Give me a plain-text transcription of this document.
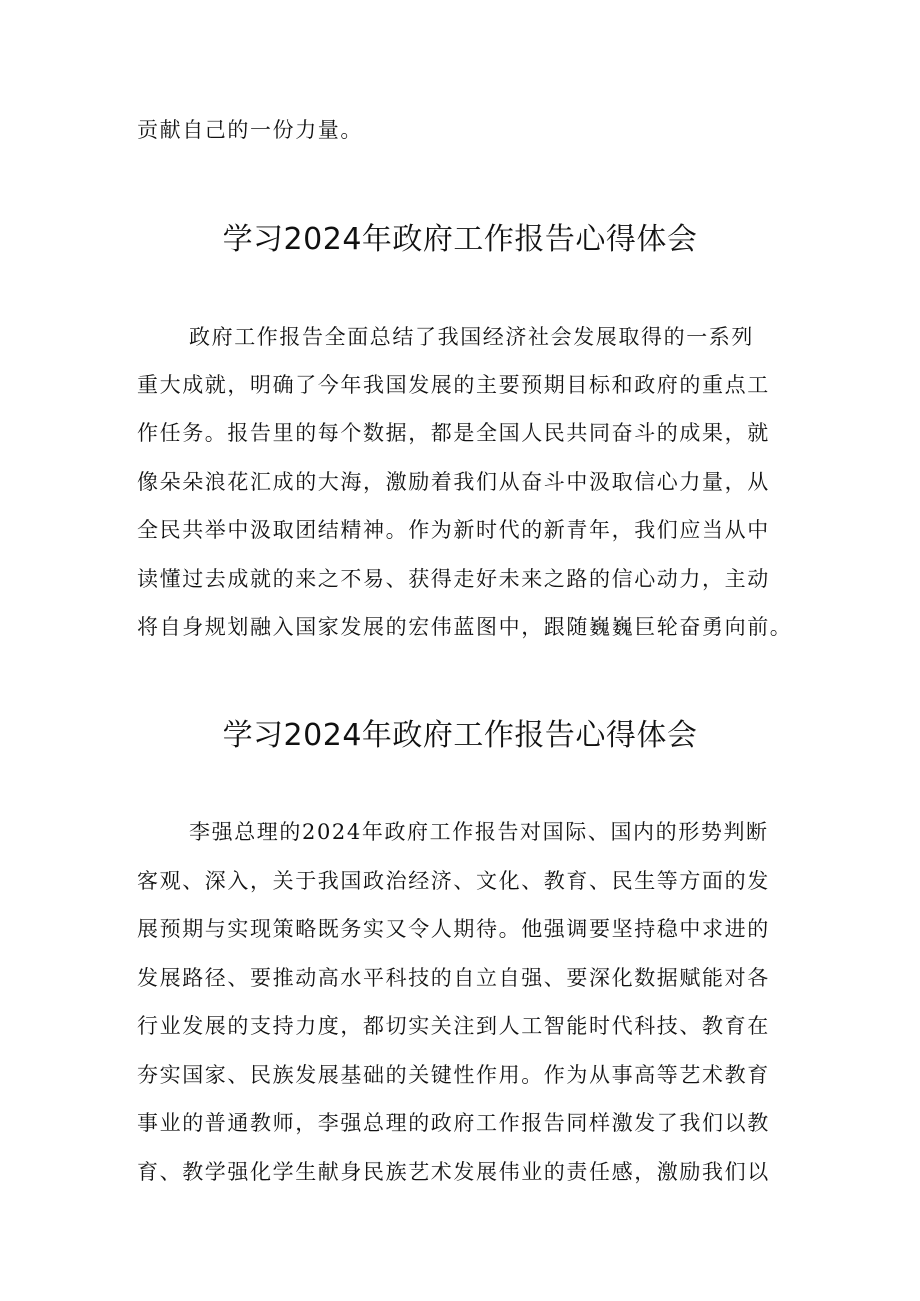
贡献自己的一份力量。
学习2024年政府工作报告心得体会
政府工作报告全面总结了我国经济社会发展取得的一系列
重大成就，明确了今年我国发展的主要预期目标和政府的重点工
作任务。报告里的每个数据，都是全国人民共同奋斗的成果，就
像朵朵浪花汇成的大海，激励着我们从奋斗中汲取信心力量，从
全民共举中汲取团结精神。作为新时代的新青年，我们应当从中
读懂过去成就的来之不易、获得走好未来之路的信心动力，主动
将自身规划融入国家发展的宏伟蓝图中，跟随巍巍巨轮奋勇向前。
学习2024年政府工作报告心得体会
李强总理的2024年政府工作报告对国际、国内的形势判断
客观、深入，关于我国政治经济、文化、教育、民生等方面的发
展预期与实现策略既务实又令人期待。他强调要坚持稳中求进的
发展路径、要推动高水平科技的自立自强、要深化数据赋能对各
行业发展的支持力度，都切实关注到人工智能时代科技、教育在
夯实国家、民族发展基础的关键性作用。作为从事高等艺术教育
事业的普通教师，李强总理的政府工作报告同样激发了我们以教
育、教学强化学生献身民族艺术发展伟业的责任感，激励我们以
